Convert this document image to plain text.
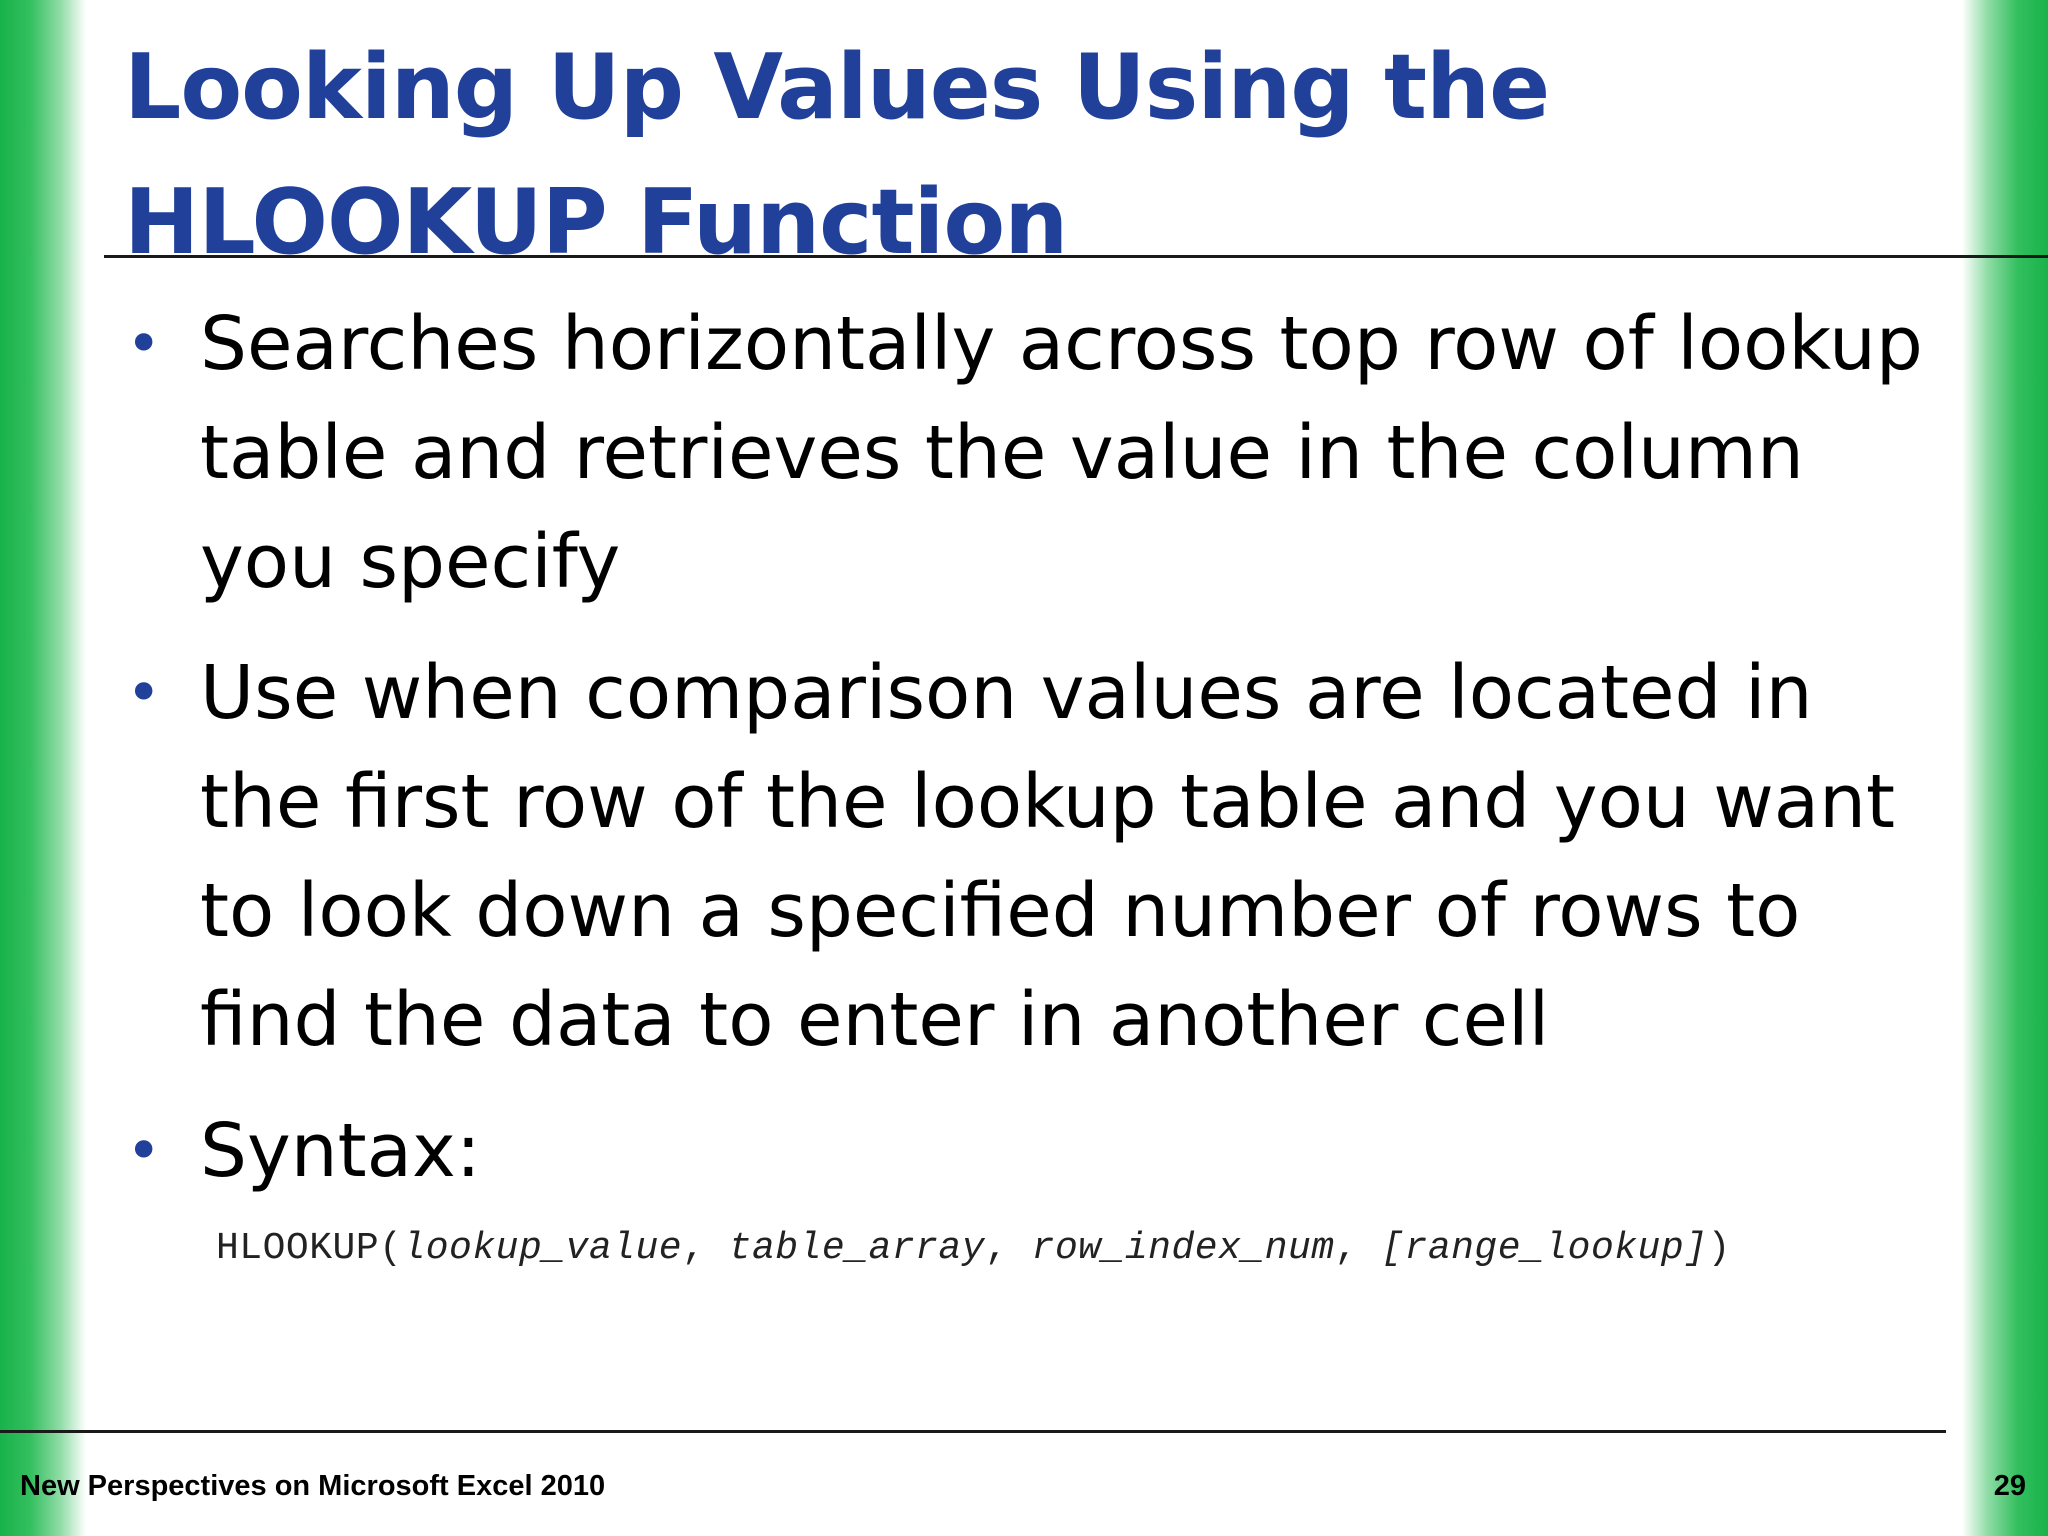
Looking Up Values Using the
HLOOKUP Function
• Searches horizontally across top row of lookup table and retrieves the value in the column you specify
• Use when comparison values are located in the first row of the lookup table and you want to look down a specified number of rows to find the data to enter in another cell
• Syntax:

HLOOKUP(lookup_value, table_array, row_index_num, [range_lookup])

New Perspectives on Microsoft Excel 2010	29
